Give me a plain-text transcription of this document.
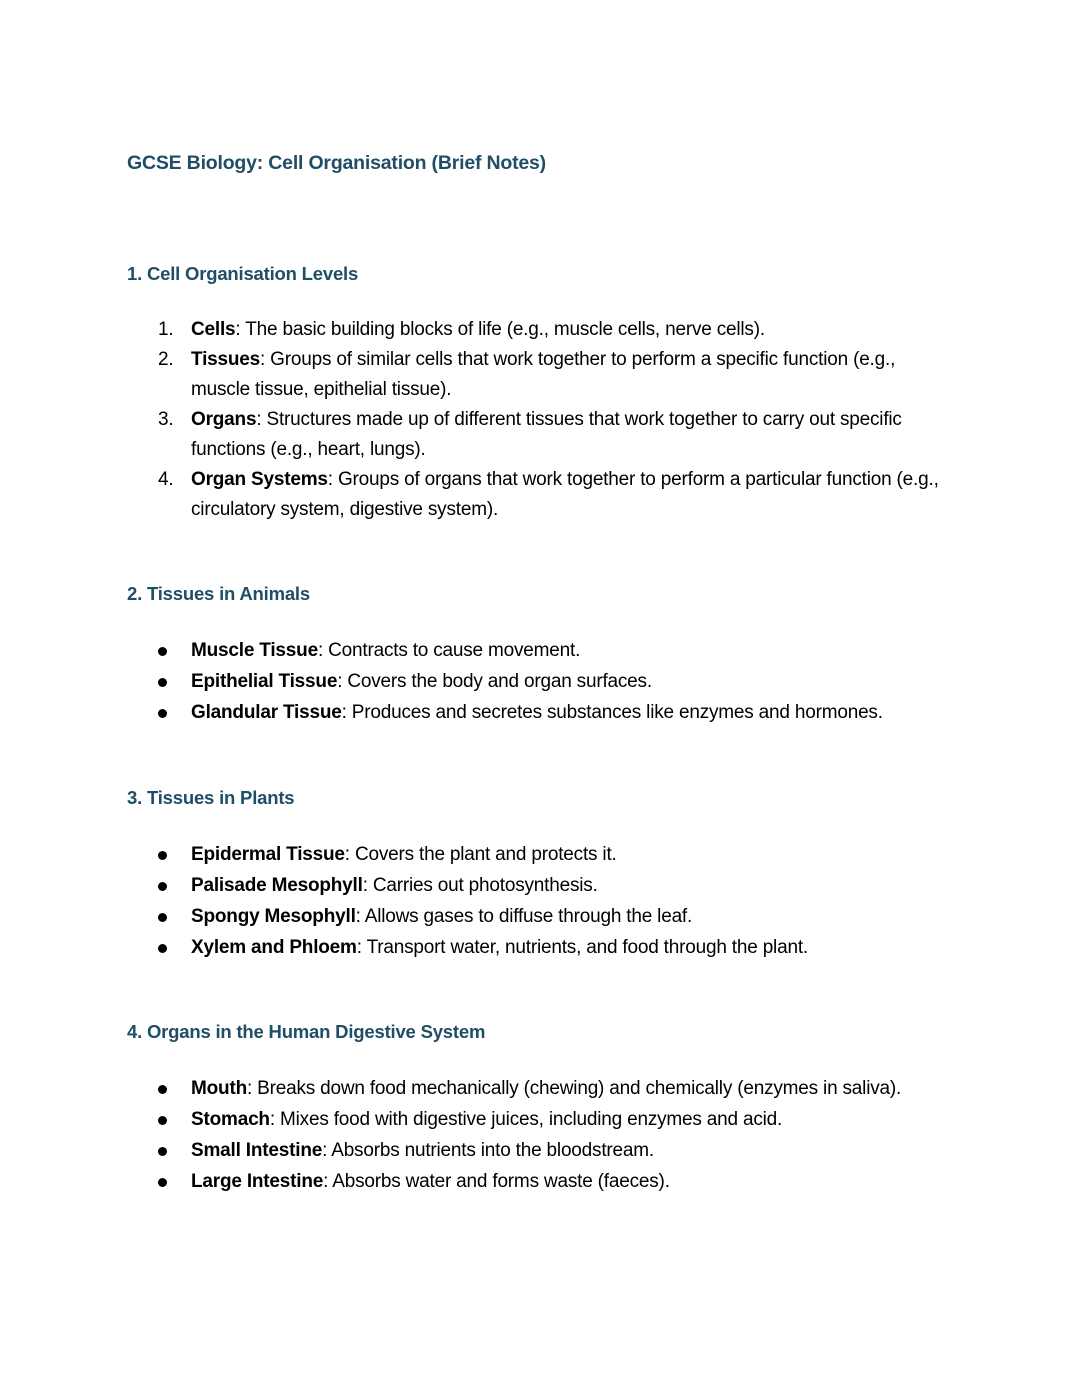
GCSE Biology: Cell Organisation (Brief Notes)
1. Cell Organisation Levels
1. Cells: The basic building blocks of life (e.g., muscle cells, nerve cells).
2. Tissues: Groups of similar cells that work together to perform a specific function (e.g., muscle tissue, epithelial tissue).
3. Organs: Structures made up of different tissues that work together to carry out specific functions (e.g., heart, lungs).
4. Organ Systems: Groups of organs that work together to perform a particular function (e.g., circulatory system, digestive system).
2. Tissues in Animals
Muscle Tissue: Contracts to cause movement.
Epithelial Tissue: Covers the body and organ surfaces.
Glandular Tissue: Produces and secretes substances like enzymes and hormones.
3. Tissues in Plants
Epidermal Tissue: Covers the plant and protects it.
Palisade Mesophyll: Carries out photosynthesis.
Spongy Mesophyll: Allows gases to diffuse through the leaf.
Xylem and Phloem: Transport water, nutrients, and food through the plant.
4. Organs in the Human Digestive System
Mouth: Breaks down food mechanically (chewing) and chemically (enzymes in saliva).
Stomach: Mixes food with digestive juices, including enzymes and acid.
Small Intestine: Absorbs nutrients into the bloodstream.
Large Intestine: Absorbs water and forms waste (faeces).
